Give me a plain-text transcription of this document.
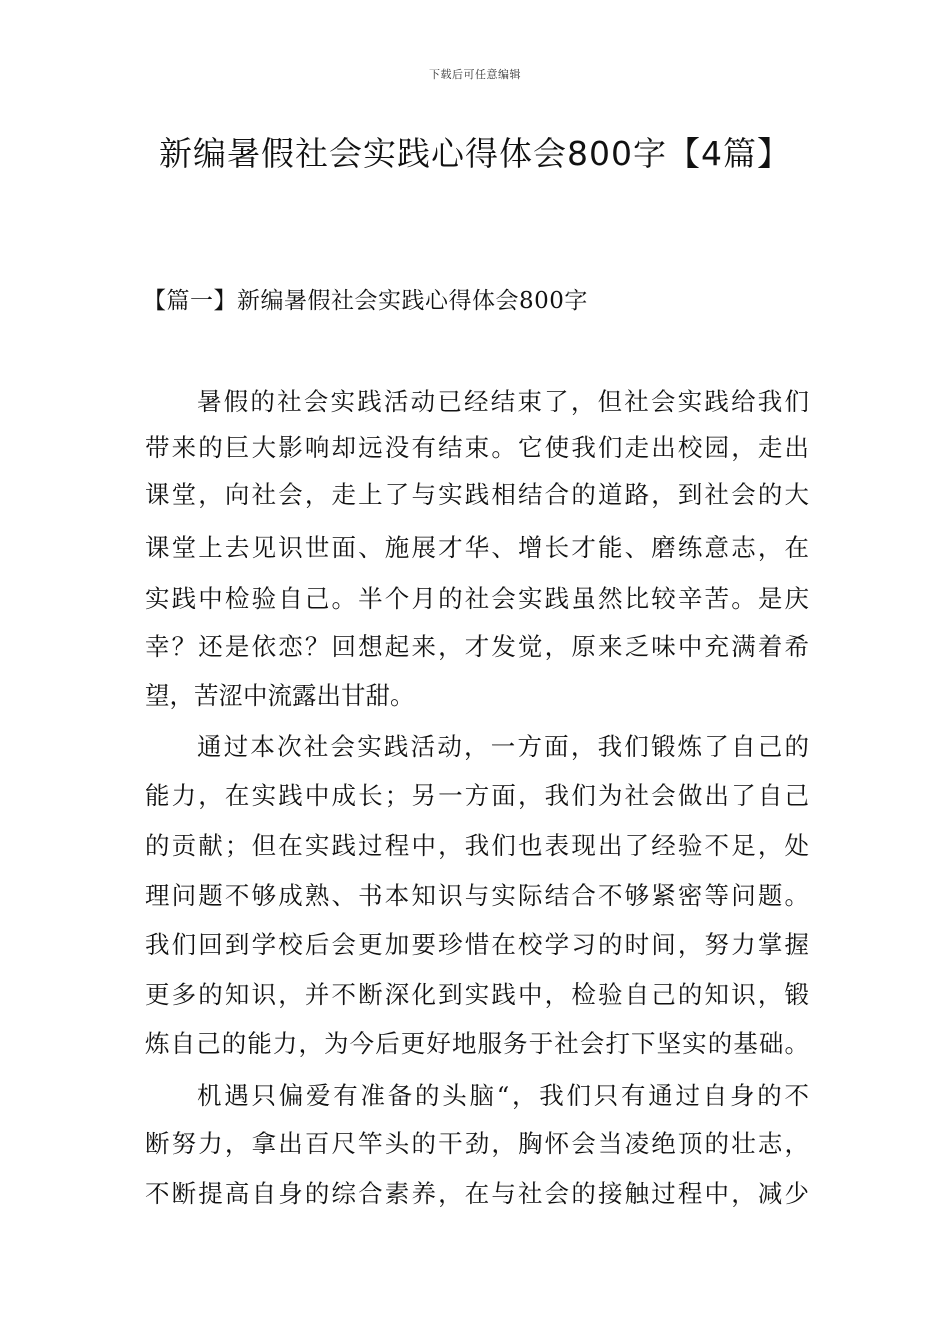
下载后可任意编辑
新编暑假社会实践心得体会800字【4篇】
【篇一】新编暑假社会实践心得体会800字
暑假的社会实践活动已经结束了，但社会实践给我们
带来的巨大影响却远没有结束。它使我们走出校园，走出
课堂，向社会，走上了与实践相结合的道路，到社会的大
课堂上去见识世面、施展才华、增长才能、磨练意志，在
实践中检验自己。半个月的社会实践虽然比较辛苦。是庆
幸？还是依恋？回想起来，才发觉，原来乏味中充满着希
望，苦涩中流露出甘甜。
通过本次社会实践活动，一方面，我们锻炼了自己的
能力，在实践中成长；另一方面，我们为社会做出了自己
的贡献；但在实践过程中，我们也表现出了经验不足，处
理问题不够成熟、书本知识与实际结合不够紧密等问题。
我们回到学校后会更加要珍惜在校学习的时间，努力掌握
更多的知识，并不断深化到实践中，检验自己的知识，锻
炼自己的能力，为今后更好地服务于社会打下坚实的基础。
机遇只偏爱有准备的头脑“，我们只有通过自身的不
断努力，拿出百尺竿头的干劲，胸怀会当凌绝顶的壮志，
不断提高自身的综合素养，在与社会的接触过程中，减少
